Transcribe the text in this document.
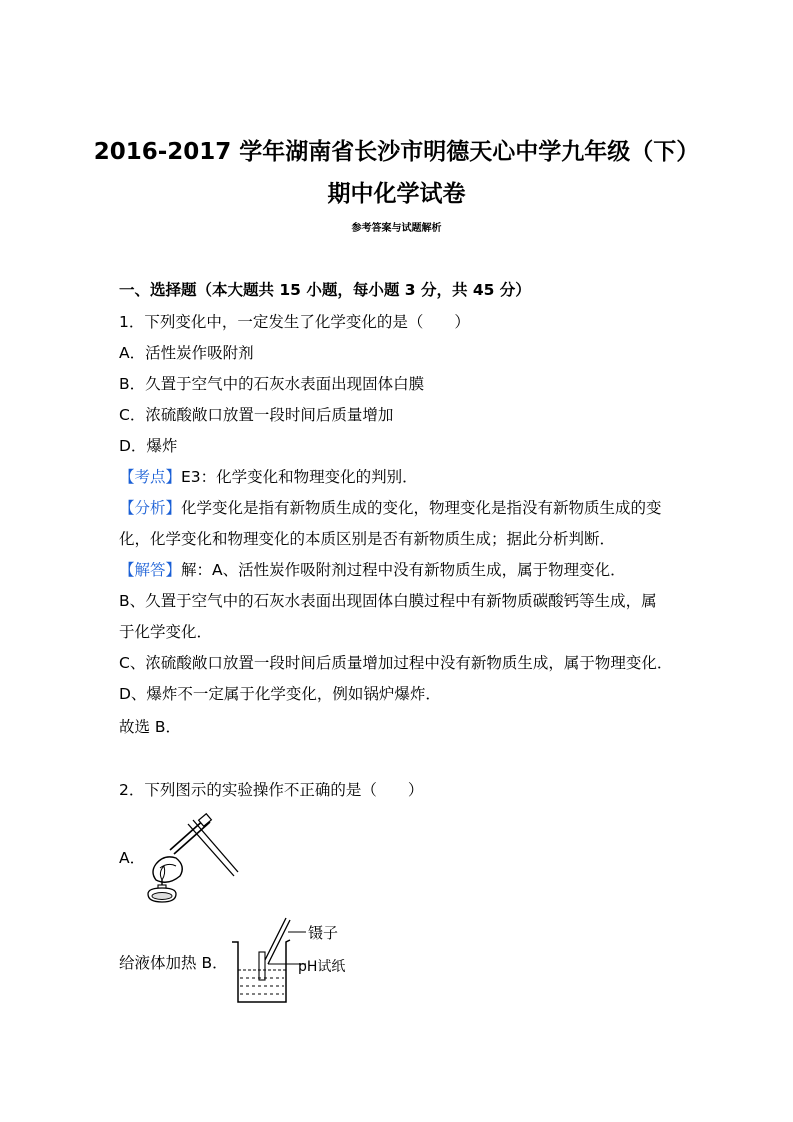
2016-2017 学年湖南省长沙市明德天心中学九年级（下）
期中化学试卷
参考答案与试题解析
一、选择题（本大题共 15 小题，每小题 3 分，共 45 分）
1．下列变化中，一定发生了化学变化的是（　　）
A．活性炭作吸附剂
B．久置于空气中的石灰水表面出现固体白膜
C．浓硫酸敞口放置一段时间后质量增加
D．爆炸
【考点】E3：化学变化和物理变化的判别．
【分析】化学变化是指有新物质生成的变化，物理变化是指没有新物质生成的变
化，化学变化和物理变化的本质区别是否有新物质生成；据此分析判断．
【解答】解：A、活性炭作吸附剂过程中没有新物质生成，属于物理变化．
B、久置于空气中的石灰水表面出现固体白膜过程中有新物质碳酸钙等生成，属
于化学变化．
C、浓硫酸敞口放置一段时间后质量增加过程中没有新物质生成，属于物理变化．
D、爆炸不一定属于化学变化，例如锅炉爆炸．
故选 B．
2．下列图示的实验操作不正确的是（　　）
A．
给液体加热 B．
镊子
pH试纸
